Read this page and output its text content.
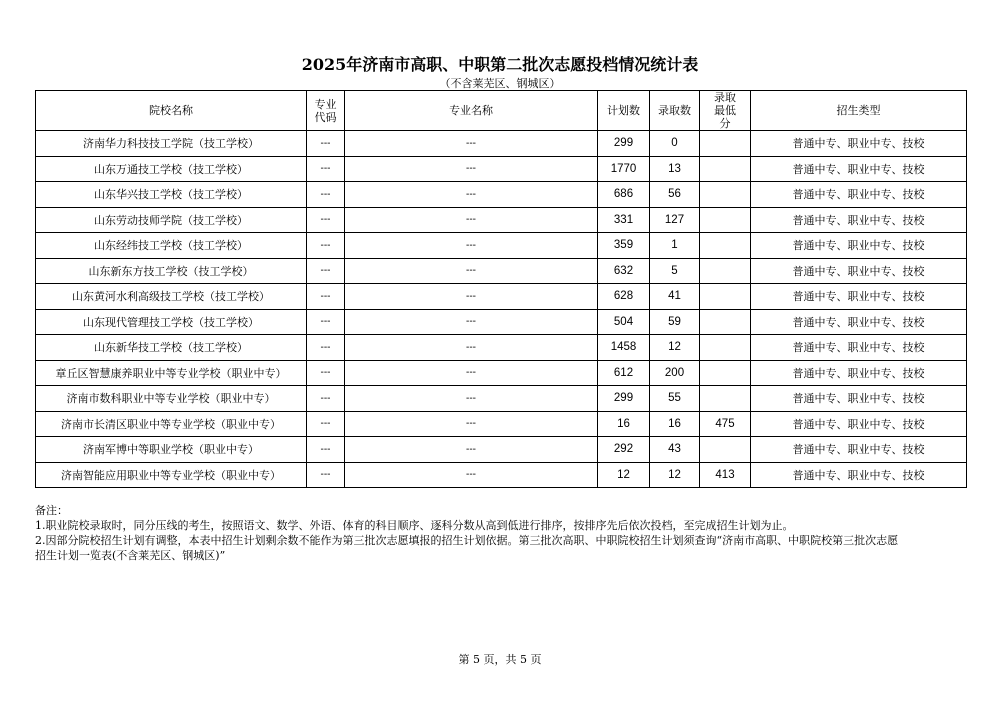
2025年济南市高职、中职第二批次志愿投档情况统计表
（不含莱芜区、钢城区）
院校名称	专业代码	专业名称	计划数	录取数	录取最低分	招生类型
济南华力科技技工学院（技工学校）	---	---	299	0		普通中专、职业中专、技校
山东万通技工学校（技工学校）	---	---	1770	13		普通中专、职业中专、技校
山东华兴技工学校（技工学校）	---	---	686	56		普通中专、职业中专、技校
山东劳动技师学院（技工学校）	---	---	331	127		普通中专、职业中专、技校
山东经纬技工学校（技工学校）	---	---	359	1		普通中专、职业中专、技校
山东新东方技工学校（技工学校）	---	---	632	5		普通中专、职业中专、技校
山东黄河水利高级技工学校（技工学校）	---	---	628	41		普通中专、职业中专、技校
山东现代管理技工学校（技工学校）	---	---	504	59		普通中专、职业中专、技校
山东新华技工学校（技工学校）	---	---	1458	12		普通中专、职业中专、技校
章丘区智慧康养职业中等专业学校（职业中专）	---	---	612	200		普通中专、职业中专、技校
济南市数科职业中等专业学校（职业中专）	---	---	299	55		普通中专、职业中专、技校
济南市长清区职业中等专业学校（职业中专）	---	---	16	16	475	普通中专、职业中专、技校
济南军博中等职业学校（职业中专）	---	---	292	43		普通中专、职业中专、技校
济南智能应用职业中等专业学校（职业中专）	---	---	12	12	413	普通中专、职业中专、技校
备注：
1.职业院校录取时，同分压线的考生，按照语文、数学、外语、体育的科目顺序、逐科分数从高到低进行排序，按排序先后依次投档，至完成招生计划为止。
2.因部分院校招生计划有调整，本表中招生计划剩余数不能作为第三批次志愿填报的招生计划依据。第三批次高职、中职院校招生计划须查询“济南市高职、中职院校第三批次志愿
招生计划一览表(不含莱芜区、钢城区)”
第 5 页，共 5 页
